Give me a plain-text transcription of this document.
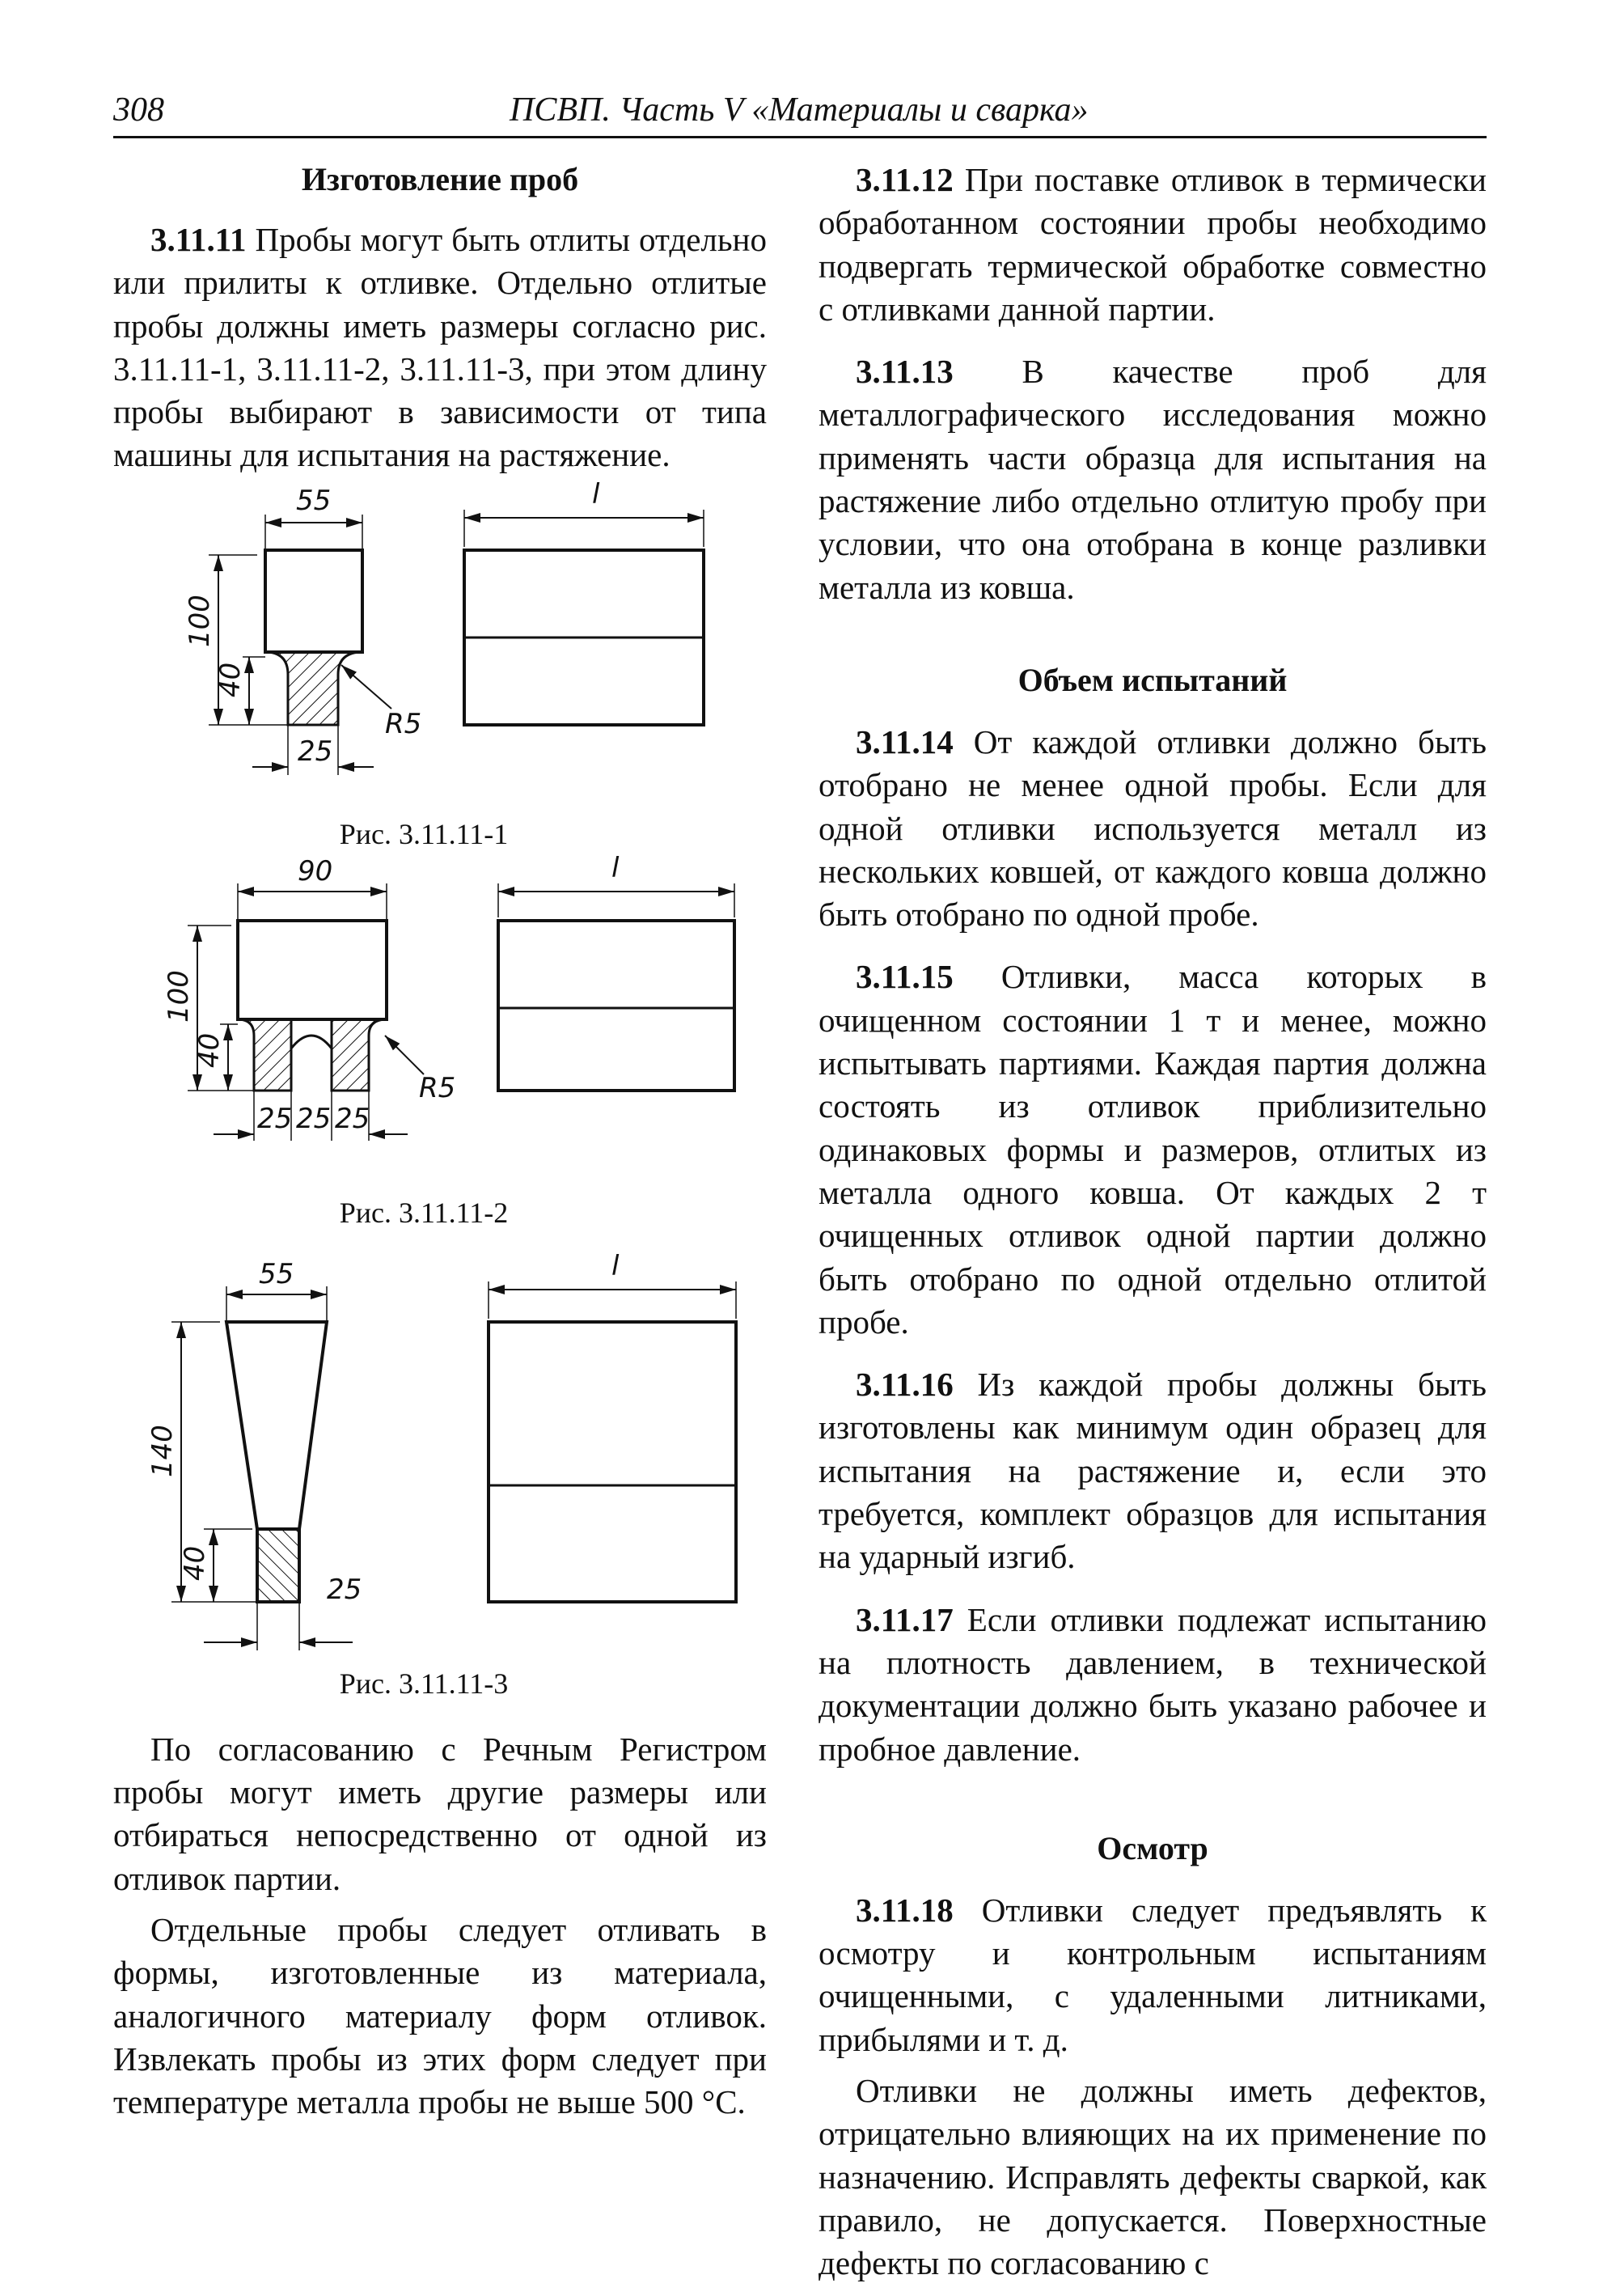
308	ПСВП. Часть V «Материалы и сварка»

Изготовление проб

3.11.11 Пробы могут быть отлиты отдельно или прилиты к отливке. Отдельно отлитые пробы должны иметь размеры согласно рис. 3.11.11-1, 3.11.11-2, 3.11.11-3, при этом длину пробы выбирают в зависимости от типа машины для испытания на растяжение.

55
100
40
R5
25
l

Рис. 3.11.11-1

90
100
40
R5
25 25 25
l

Рис. 3.11.11-2

55
140
40
25
l

Рис. 3.11.11-3

По согласованию с Речным Регистром пробы могут иметь другие размеры или отбираться непосредственно от одной из отливок партии.

Отдельные пробы следует отливать в формы, изготовленные из материала, аналогичного материалу форм отливок. Извлекать пробы из этих форм следует при температуре металла пробы не выше 500 °С.

3.11.12 При поставке отливок в термически обработанном состоянии пробы необходимо подвергать термической обработке совместно с отливками данной партии.

3.11.13 В качестве проб для металлографического исследования можно применять части образца для испытания на растяжение либо отдельно отлитую пробу при условии, что она отобрана в конце разливки металла из ковша.

Объем испытаний

3.11.14 От каждой отливки должно быть отобрано не менее одной пробы. Если для одной отливки используется металл из нескольких ковшей, от каждого ковша должно быть отобрано по одной пробе.

3.11.15 Отливки, масса которых в очищенном состоянии 1 т и менее, можно испытывать партиями. Каждая партия должна состоять из отливок приблизительно одинаковых формы и размеров, отлитых из металла одного ковша. От каждых 2 т очищенных отливок одной партии должно быть отобрано по одной отдельно отлитой пробе.

3.11.16 Из каждой пробы должны быть изготовлены как минимум один образец для испытания на растяжение и, если это требуется, комплект образцов для испытания на ударный изгиб.

3.11.17 Если отливки подлежат испытанию на плотность давлением, в технической документации должно быть указано рабочее и пробное давление.

Осмотр

3.11.18 Отливки следует предъявлять к осмотру и контрольным испытаниям очищенными, с удаленными литниками, прибылями и т. д.

Отливки не должны иметь дефектов, отрицательно влияющих на их применение по назначению. Исправлять дефекты сваркой, как правило, не допускается. Поверхностные дефекты по согласованию с
